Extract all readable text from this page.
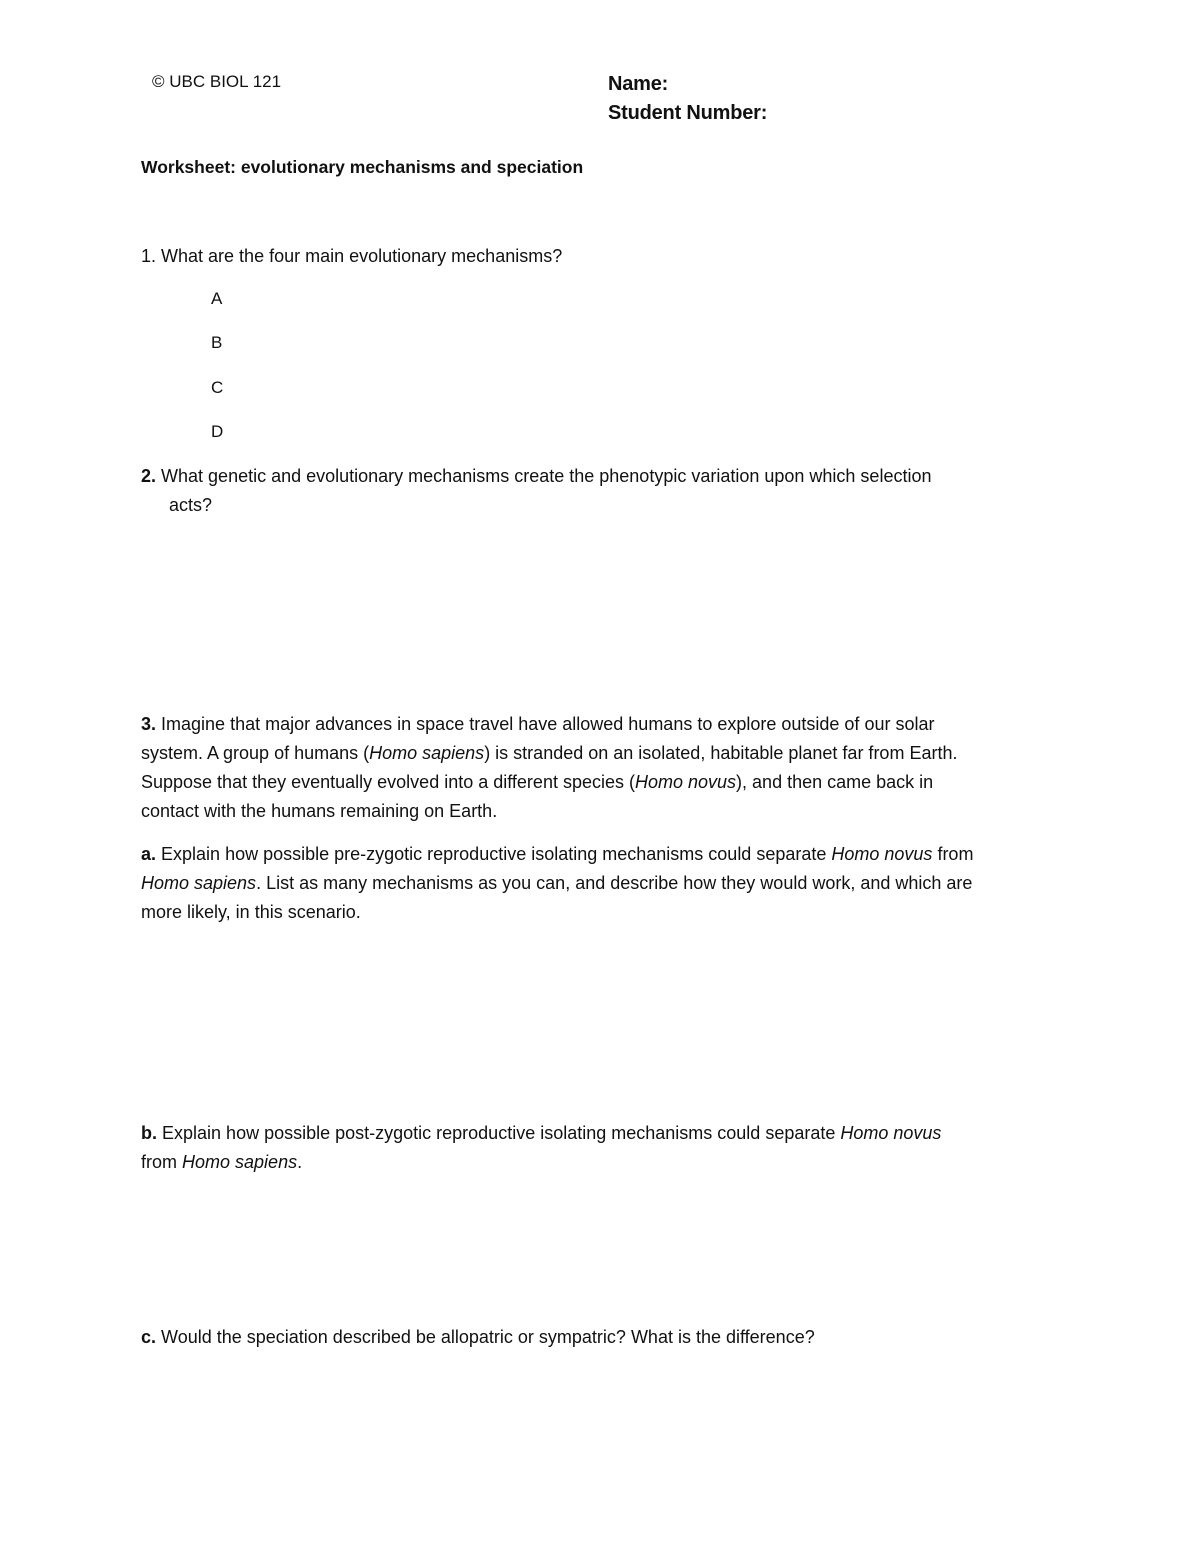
© UBC BIOL 121	Name:
Student Number:
Worksheet: evolutionary mechanisms and speciation
1. What are the four main evolutionary mechanisms?
A
B
C
D
2. What genetic and evolutionary mechanisms create the phenotypic variation upon which selection
acts?
3. Imagine that major advances in space travel have allowed humans to explore outside of our solar
system. A group of humans (Homo sapiens) is stranded on an isolated, habitable planet far from Earth.
Suppose that they eventually evolved into a different species (Homo novus), and then came back in
contact with the humans remaining on Earth.
a. Explain how possible pre-zygotic reproductive isolating mechanisms could separate Homo novus from
Homo sapiens. List as many mechanisms as you can, and describe how they would work, and which are
more likely, in this scenario.
b. Explain how possible post-zygotic reproductive isolating mechanisms could separate Homo novus
from Homo sapiens.
c. Would the speciation described be allopatric or sympatric? What is the difference?
